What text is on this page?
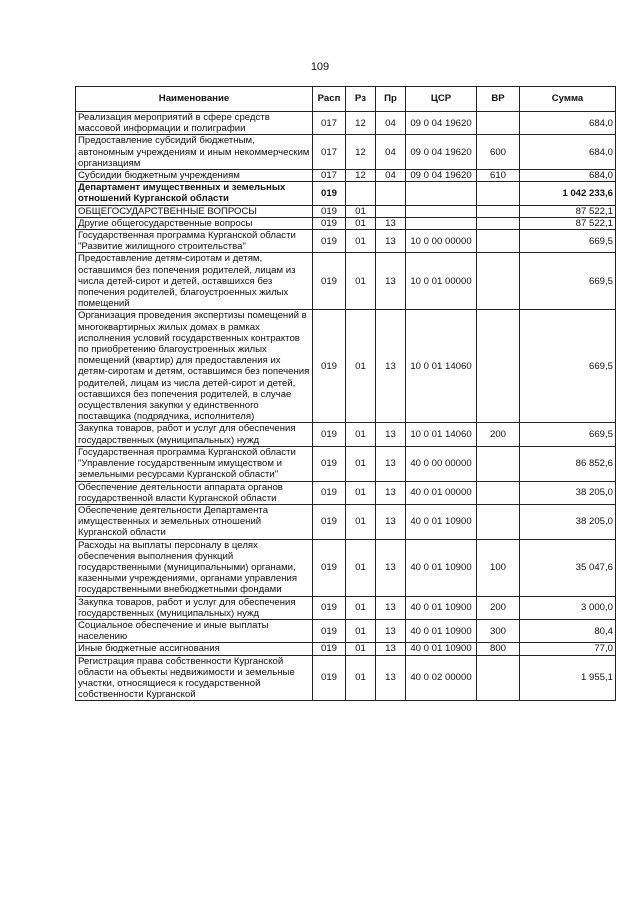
109
Наименование	Расп	Рз	Пр	ЦСР	ВР	Сумма
Реализация мероприятий в сфере средств массовой информации и полиграфии	017	12	04	09 0 04 19620		684,0
Предоставление субсидий бюджетным, автономным учреждениям и иным некоммерческим организациям	017	12	04	09 0 04 19620	600	684,0
Субсидии бюджетным учреждениям	017	12	04	09 0 04 19620	610	684,0
Департамент имущественных и земельных отношений Курганской области	019					1 042 233,6
ОБЩЕГОСУДАРСТВЕННЫЕ ВОПРОСЫ	019	01				87 522,1
Другие общегосударственные вопросы	019	01	13			87 522,1
Государственная программа Курганской области "Развитие жилищного строительства"	019	01	13	10 0 00 00000		669,5
Предоставление детям-сиротам и детям, оставшимся без попечения родителей, лицам из числа детей-сирот и детей, оставшихся без попечения родителей, благоустроенных жилых помещений	019	01	13	10 0 01 00000		669,5
Организация проведения экспертизы помещений в многоквартирных жилых домах в рамках исполнения условий государственных контрактов по приобретению благоустроенных жилых помещений (квартир) для предоставления их детям-сиротам и детям, оставшимся без попечения родителей, лицам из числа детей-сирот и детей, оставшихся без попечения родителей, в случае осуществления закупки у единственного поставщика (подрядчика, исполнителя)	019	01	13	10 0 01 14060		669,5
Закупка товаров, работ и услуг для обеспечения государственных (муниципальных) нужд	019	01	13	10 0 01 14060	200	669,5
Государственная программа Курганской области "Управление государственным имуществом и земельными ресурсами Курганской области"	019	01	13	40 0 00 00000		86 852,6
Обеспечение деятельности аппарата органов государственной власти Курганской области	019	01	13	40 0 01 00000		38 205,0
Обеспечение деятельности Департамента имущественных и земельных отношений Курганской области	019	01	13	40 0 01 10900		38 205,0
Расходы на выплаты персоналу в целях обеспечения выполнения функций государственными (муниципальными) органами, казенными учреждениями, органами управления государственными внебюджетными фондами	019	01	13	40 0 01 10900	100	35 047,6
Закупка товаров, работ и услуг для обеспечения государственных (муниципальных) нужд	019	01	13	40 0 01 10900	200	3 000,0
Социальное обеспечение и иные выплаты населению	019	01	13	40 0 01 10900	300	80,4
Иные бюджетные ассигнования	019	01	13	40 0 01 10900	800	77,0
Регистрация права собственности Курганской области на объекты недвижимости и земельные участки, относящиеся к государственной собственности Курганской	019	01	13	40 0 02 00000		1 955,1
